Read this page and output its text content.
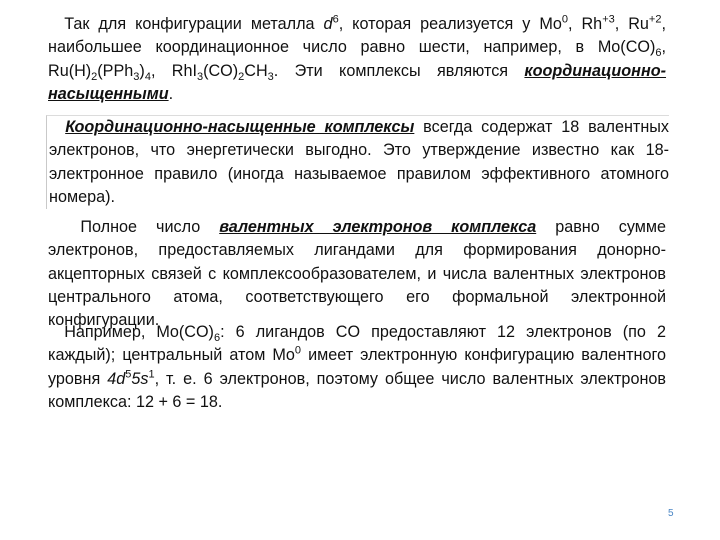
 Так для конфигурации металла $d^6$, которая реализуется у Mo$^0$, $Rh^{+3}$, $Ru^{+2}$, наибольшее координационное число равно шести, например, в $Mo(CO)_6$, $Ru(H)_2(PPh_3)_4$, $RhI_3(CO)_2CH_3$. Эти комплексы являются координационно-насыщенными.

 Координационно-насыщенные комплексы всегда содержат 18 валентных электронов, что энергетически выгодно. Это утверждение известно как 18-электронное правило (иногда называемое правилом эффективного атомного номера).

  Полное число валентных электронов комплекса равно сумме электронов, предоставляемых лигандами для формирования донорно-акцепторных связей с комплексообразователем, и числа валентных электронов центрального атома, соответствующего его формальной электронной конфигурации.

 Например, $Mo(CO)_6$: 6 лигандов CO предоставляют 12 электронов (по 2 каждый); центральный атом Mo$^0$ имеет электронную конфигурацию валентного уровня $4d^55s^1$, т. е. 6 электронов, поэтому общее число валентных электронов комплекса: 12 + 6 = 18.

5
